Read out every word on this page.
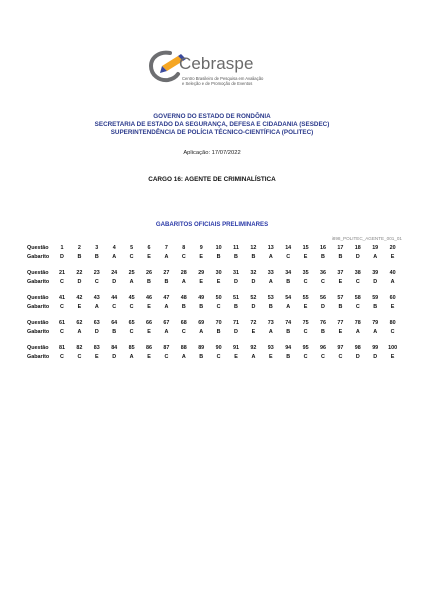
Cebraspe
Centro Brasileiro de Pesquisa em Avaliação
e Seleção e de Promoção de Eventos
GOVERNO DO ESTADO DE RONDÔNIA
SECRETARIA DE ESTADO DA SEGURANÇA, DEFESA E CIDADANIA (SESDEC)
SUPERINTENDÊNCIA DE POLÍCIA TÉCNICO-CIENTÍFICA (POLITEC)
Aplicação: 17/07/2022
CARGO 16: AGENTE DE CRIMINALÍSTICA
GABARITOS OFICIAIS PRELIMINARES
i898_POLITEC_AGENTE_001_01
Questão	1	2	3	4	5	6	7	8	9	10	11	12	13	14	15	16	17	18	19	20
Gabarito	D	B	B	A	C	E	A	C	E	B	B	B	A	C	E	B	B	D	A	E
Questão	21	22	23	24	25	26	27	28	29	30	31	32	33	34	35	36	37	38	39	40
Gabarito	C	D	C	D	A	B	B	A	E	E	D	D	A	B	C	C	E	C	D	A
Questão	41	42	43	44	45	46	47	48	49	50	51	52	53	54	55	56	57	58	59	60
Gabarito	C	E	A	C	C	E	A	B	B	C	B	D	B	A	E	D	B	C	B	E
Questão	61	62	63	64	65	66	67	68	69	70	71	72	73	74	75	76	77	78	79	80
Gabarito	C	A	D	B	C	E	A	C	A	B	D	E	A	B	C	B	E	A	A	C
Questão	81	82	83	84	85	86	87	88	89	90	91	92	93	94	95	96	97	98	99	100
Gabarito	C	C	E	D	A	E	C	A	B	C	E	A	E	B	C	C	C	D	D	E
